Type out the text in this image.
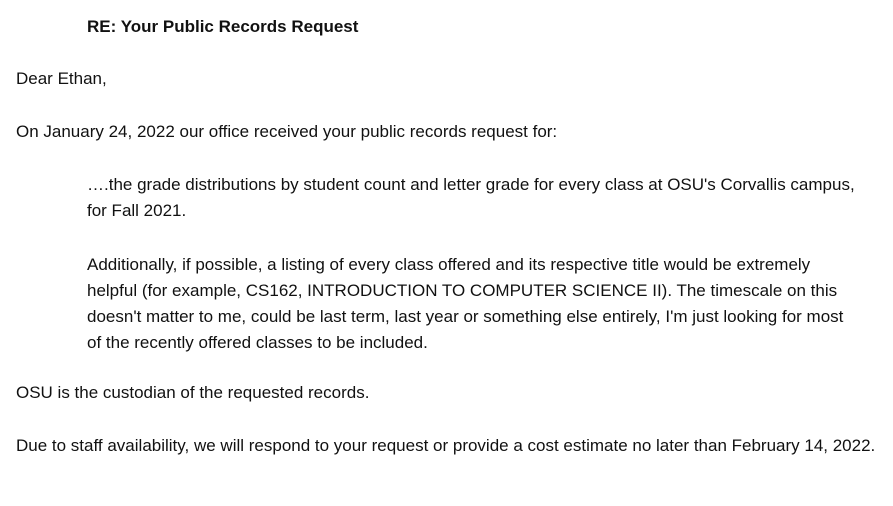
RE: Your Public Records Request

Dear Ethan,

On January 24, 2022 our office received your public records request for:

….the grade distributions by student count and letter grade for every class at OSU's Corvallis campus, for Fall 2021.

Additionally, if possible, a listing of every class offered and its respective title would be extremely helpful (for example, CS162, INTRODUCTION TO COMPUTER SCIENCE II). The timescale on this doesn't matter to me, could be last term, last year or something else entirely, I'm just looking for most of the recently offered classes to be included.

OSU is the custodian of the requested records.

Due to staff availability, we will respond to your request or provide a cost estimate no later than February 14, 2022.
